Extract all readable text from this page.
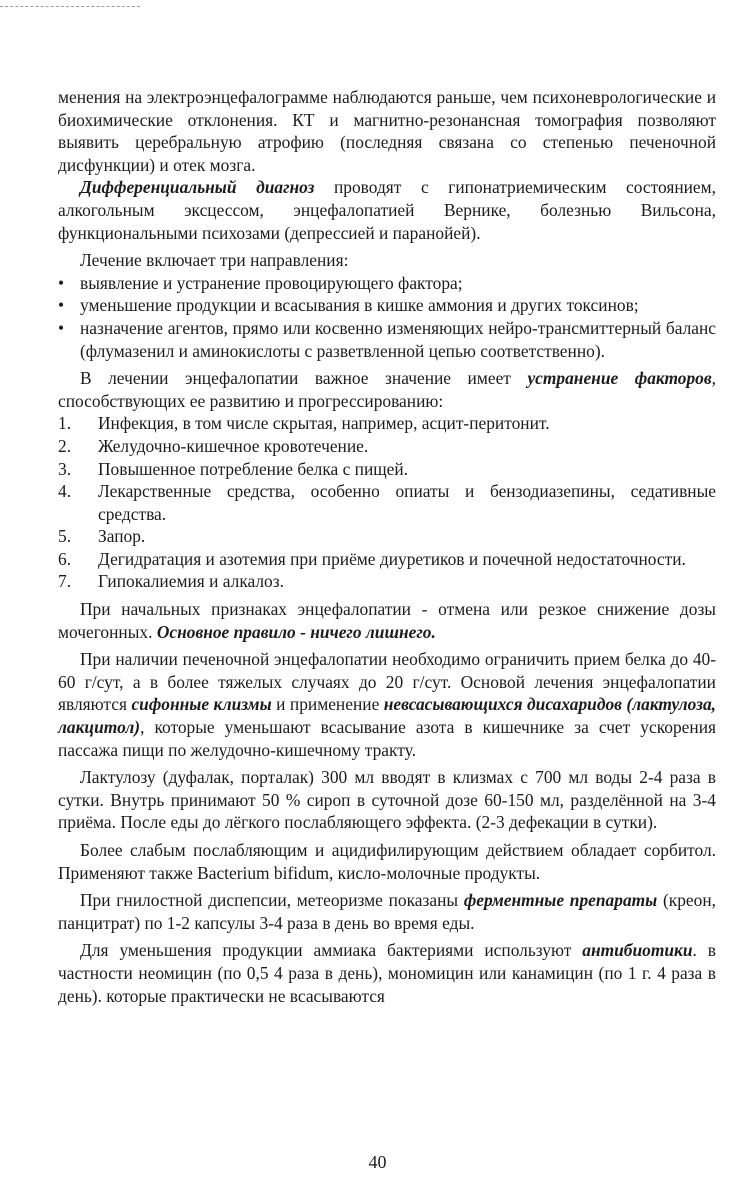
менения на электроэнцефалограмме наблюдаются раньше, чем психоневрологические и биохимические отклонения. КТ и магнитно-резонансная томография позволяют выявить церебральную атрофию (последняя связана со степенью печеночной дисфункции) и отек мозга.

Дифференциальный диагноз проводят с гипонатриемическим состоянием, алкогольным эксцессом, энцефалопатией Вернике, болезнью Вильсона, функциональными психозами (депрессией и паранойей).

Лечение включает три направления:

• выявление и устранение провоцирующего фактора;
• уменьшение продукции и всасывания в кишке аммония и других токсинов;
• назначение агентов, прямо или косвенно изменяющих нейро-трансмиттерный баланс (флумазенил и аминокислоты с разветвленной цепью соответственно).

В лечении энцефалопатии важное значение имеет устранение факторов, способствующих ее развитию и прогрессированию:

1. Инфекция, в том числе скрытая, например, асцит-перитонит.
2. Желудочно-кишечное кровотечение.
3. Повышенное потребление белка с пищей.
4. Лекарственные средства, особенно опиаты и бензодиазепины, седативные средства.
5. Запор.
6. Дегидратация и азотемия при приёме диуретиков и почечной недостаточности.
7. Гипокалиемия и алкалоз.

При начальных признаках энцефалопатии - отмена или резкое снижение дозы мочегонных. Основное правило - ничего лишнего.

При наличии печеночной энцефалопатии необходимо ограничить прием белка до 40-60 г/сут, а в более тяжелых случаях до 20 г/сут. Основой лечения энцефалопатии являются сифонные клизмы и применение невсасывающихся дисахаридов (лактулоза, лакцитол), которые уменьшают всасывание азота в кишечнике за счет ускорения пассажа пищи по желудочно-кишечному тракту.

Лактулозу (дуфалак, порталак) 300 мл вводят в клизмах с 700 мл воды 2-4 раза в сутки. Внутрь принимают 50 % сироп в суточной дозе 60-150 мл, разделённой на 3-4 приёма. После еды до лёгкого послабляющего эффекта. (2-3 дефекации в сутки).

Более слабым послабляющим и ацидифилирующим действием обладает сорбитол. Применяют также Bacterium bifidum, кисло-молочные продукты.

При гнилостной диспепсии, метеоризме показаны ферментные препараты (креон, панцитрат) по 1-2 капсулы 3-4 раза в день во время еды.

Для уменьшения продукции аммиака бактериями используют антибиотики. в частности неомицин (по 0,5 4 раза в день), мономицин или канамицин (по 1 г. 4 раза в день). которые практически не всасываются

40
